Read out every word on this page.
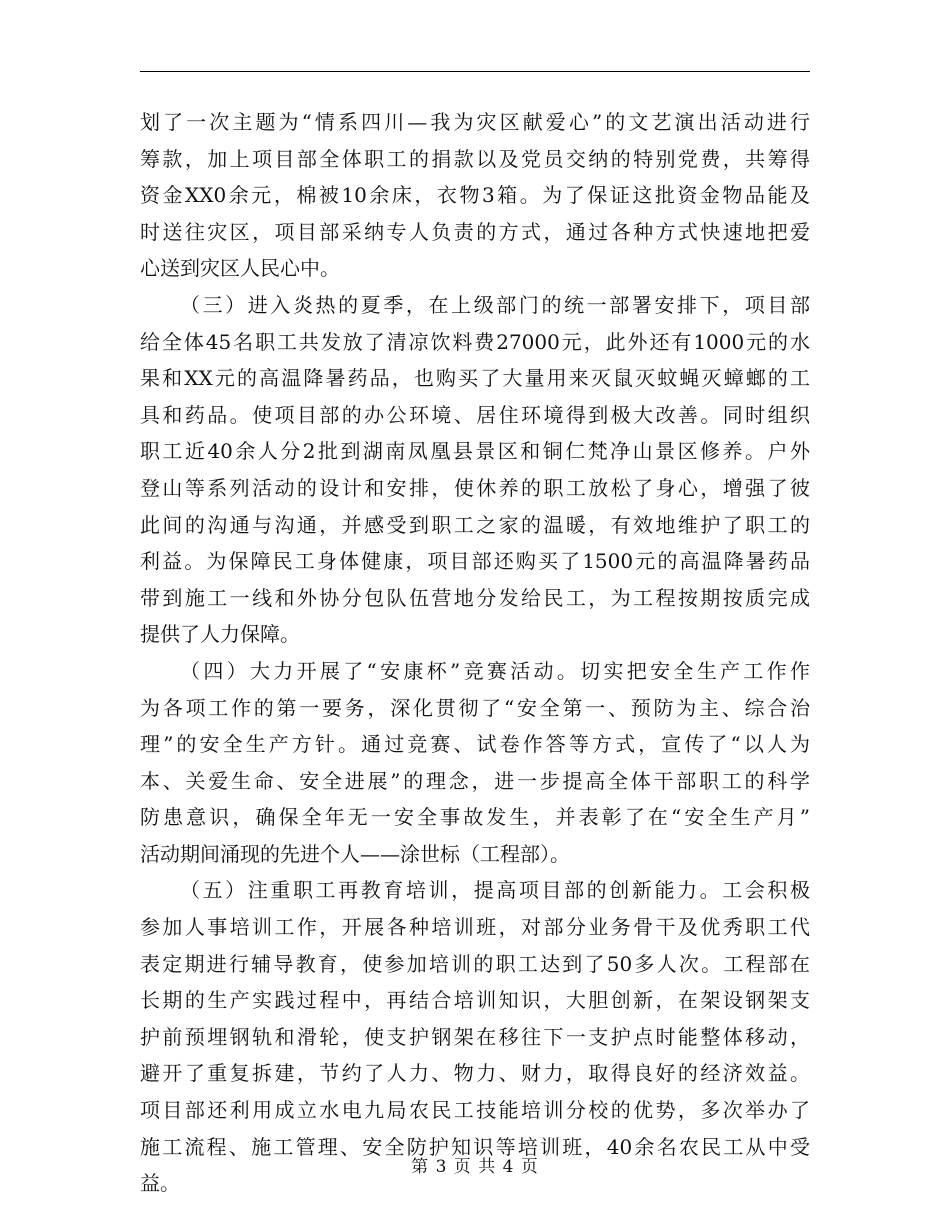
划了一次主题为“情系四川—我为灾区献爱心”的文艺演出活动进行
筹款，加上项目部全体职工的捐款以及党员交纳的特别党费，共筹得
资金XX0余元，棉被10余床，衣物3箱。为了保证这批资金物品能及
时送往灾区，项目部采纳专人负责的方式，通过各种方式快速地把爱
心送到灾区人民心中。
（三）进入炎热的夏季，在上级部门的统一部署安排下，项目部
给全体45名职工共发放了清凉饮料费27000元，此外还有1000元的水
果和XX元的高温降暑药品，也购买了大量用来灭鼠灭蚊蝇灭蟑螂的工
具和药品。使项目部的办公环境、居住环境得到极大改善。同时组织
职工近40余人分2批到湖南凤凰县景区和铜仁梵净山景区修养。户外
登山等系列活动的设计和安排，使休养的职工放松了身心，增强了彼
此间的沟通与沟通，并感受到职工之家的温暖，有效地维护了职工的
利益。为保障民工身体健康，项目部还购买了1500元的高温降暑药品
带到施工一线和外协分包队伍营地分发给民工，为工程按期按质完成
提供了人力保障。
（四）大力开展了“安康杯”竞赛活动。切实把安全生产工作作
为各项工作的第一要务，深化贯彻了“安全第一、预防为主、综合治
理”的安全生产方针。通过竞赛、试卷作答等方式，宣传了“以人为
本、关爱生命、安全进展”的理念，进一步提高全体干部职工的科学
防患意识，确保全年无一安全事故发生，并表彰了在“安全生产月”
活动期间涌现的先进个人——涂世标（工程部）。
（五）注重职工再教育培训，提高项目部的创新能力。工会积极
参加人事培训工作，开展各种培训班，对部分业务骨干及优秀职工代
表定期进行辅导教育，使参加培训的职工达到了50多人次。工程部在
长期的生产实践过程中，再结合培训知识，大胆创新，在架设钢架支
护前预埋钢轨和滑轮，使支护钢架在移往下一支护点时能整体移动，
避开了重复拆建，节约了人力、物力、财力，取得良好的经济效益。
项目部还利用成立水电九局农民工技能培训分校的优势，多次举办了
施工流程、施工管理、安全防护知识等培训班，40余名农民工从中受
益。
第 3 页 共 4 页
